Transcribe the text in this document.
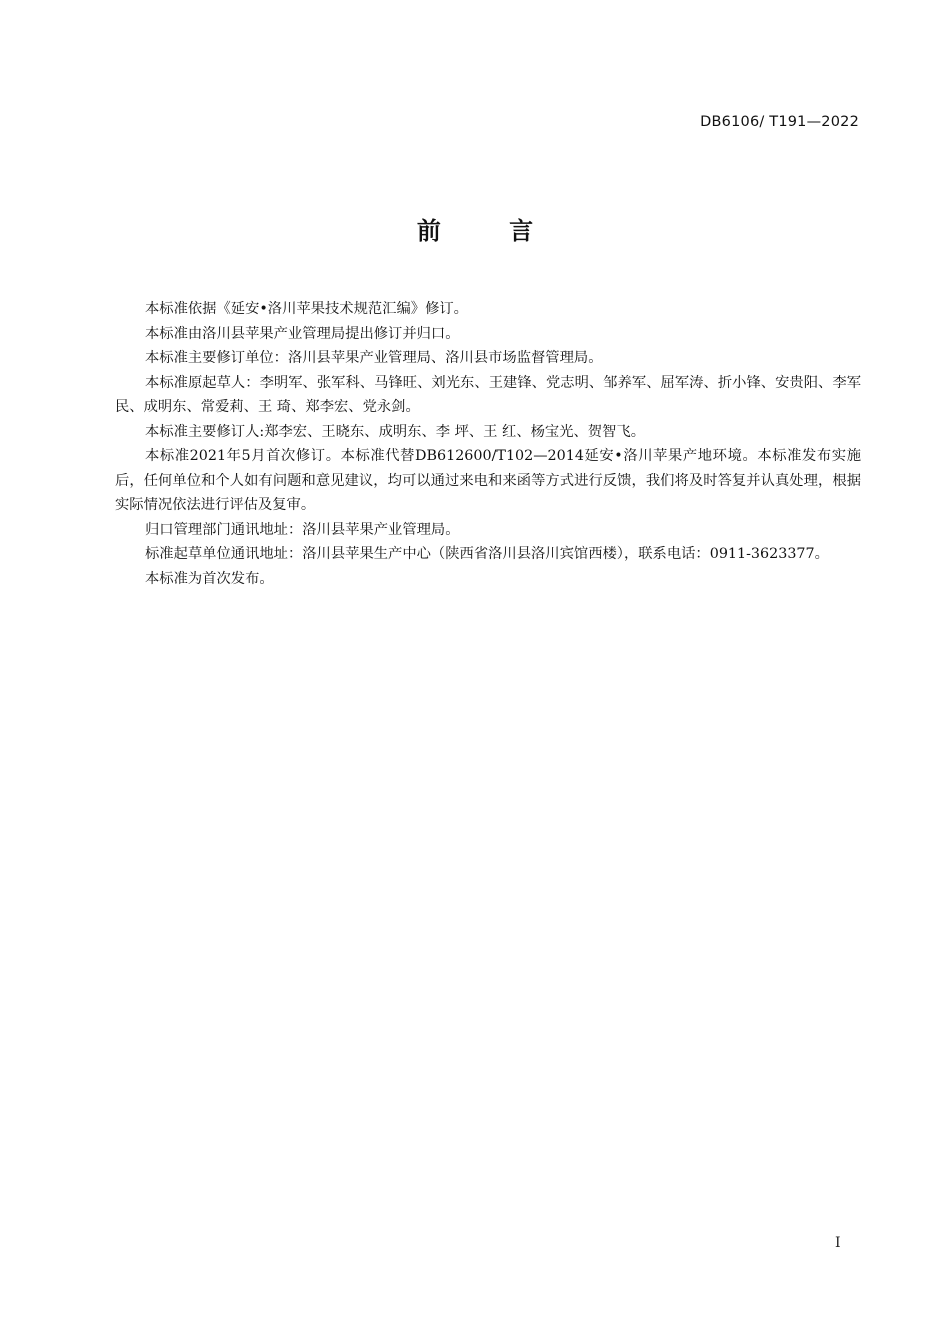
DB6106/ T191—2022
前 言

本标准依据《延安•洛川苹果技术规范汇编》修订。

本标准由洛川县苹果产业管理局提出修订并归口。

本标准主要修订单位：洛川县苹果产业管理局、洛川县市场监督管理局。

本标准原起草人：李明军、张军科、马锋旺、刘光东、王建锋、党志明、邹养军、屈军涛、折小锋、安贵阳、李军民、成明东、常爱莉、王 琦、郑李宏、党永剑。

本标准主要修订人:郑李宏、王晓东、成明东、李 坪、王 红、杨宝光、贺智飞。

本标准2021年5月首次修订。本标准代替DB612600/T102—2014延安•洛川苹果产地环境。本标准发布实施后，任何单位和个人如有问题和意见建议，均可以通过来电和来函等方式进行反馈，我们将及时答复并认真处理，根据实际情况依法进行评估及复审。

归口管理部门通讯地址：洛川县苹果产业管理局。

标准起草单位通讯地址：洛川县苹果生产中心（陕西省洛川县洛川宾馆西楼），联系电话：0911-3623377。

本标准为首次发布。

I
